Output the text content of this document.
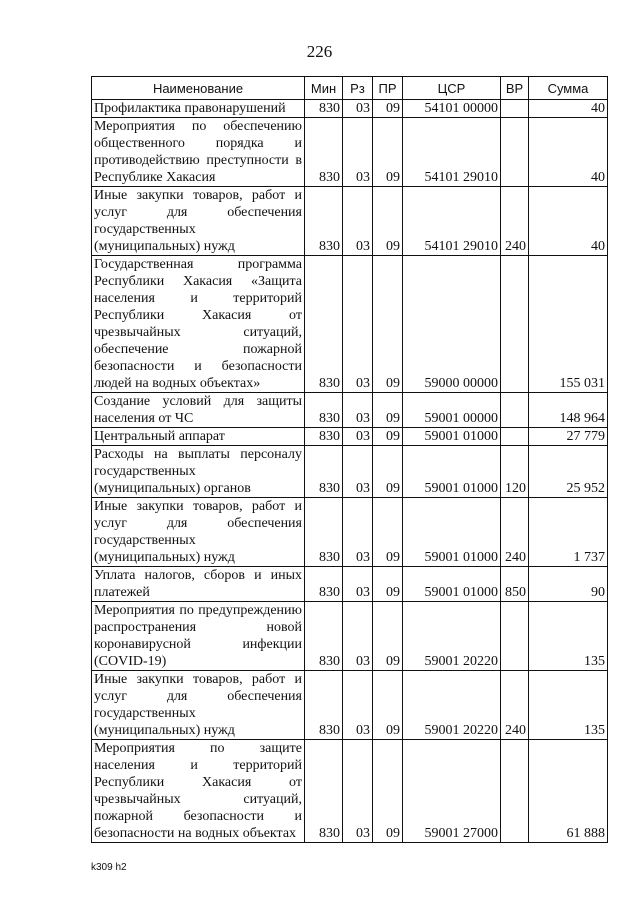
226
Наименование	Мин	Рз	ПР	ЦСР	ВР	Сумма
Профилактика правонарушений	830	03	09	54101 00000		40
Мероприятия по обеспечению общественного порядка и противодействию преступности в Республике Хакасия	830	03	09	54101 29010		40
Иные закупки товаров, работ и услуг для обеспечения государственных (муниципальных) нужд	830	03	09	54101 29010	240	40
Государственная программа Республики Хакасия «Защита населения и территорий Республики Хакасия от чрезвычайных ситуаций, обеспечение пожарной безопасности и безопасности людей на водных объектах»	830	03	09	59000 00000		155 031
Создание условий для защиты населения от ЧС	830	03	09	59001 00000		148 964
Центральный аппарат	830	03	09	59001 01000		27 779
Расходы на выплаты персоналу государственных (муниципальных) органов	830	03	09	59001 01000	120	25 952
Иные закупки товаров, работ и услуг для обеспечения государственных (муниципальных) нужд	830	03	09	59001 01000	240	1 737
Уплата налогов, сборов и иных платежей	830	03	09	59001 01000	850	90
Мероприятия по предупреждению распространения новой коронавирусной инфекции (COVID-19)	830	03	09	59001 20220		135
Иные закупки товаров, работ и услуг для обеспечения государственных (муниципальных) нужд	830	03	09	59001 20220	240	135
Мероприятия по защите населения и территорий Республики Хакасия от чрезвычайных ситуаций, пожарной безопасности и безопасности на водных объектах	830	03	09	59001 27000		61 888
k309 h2
